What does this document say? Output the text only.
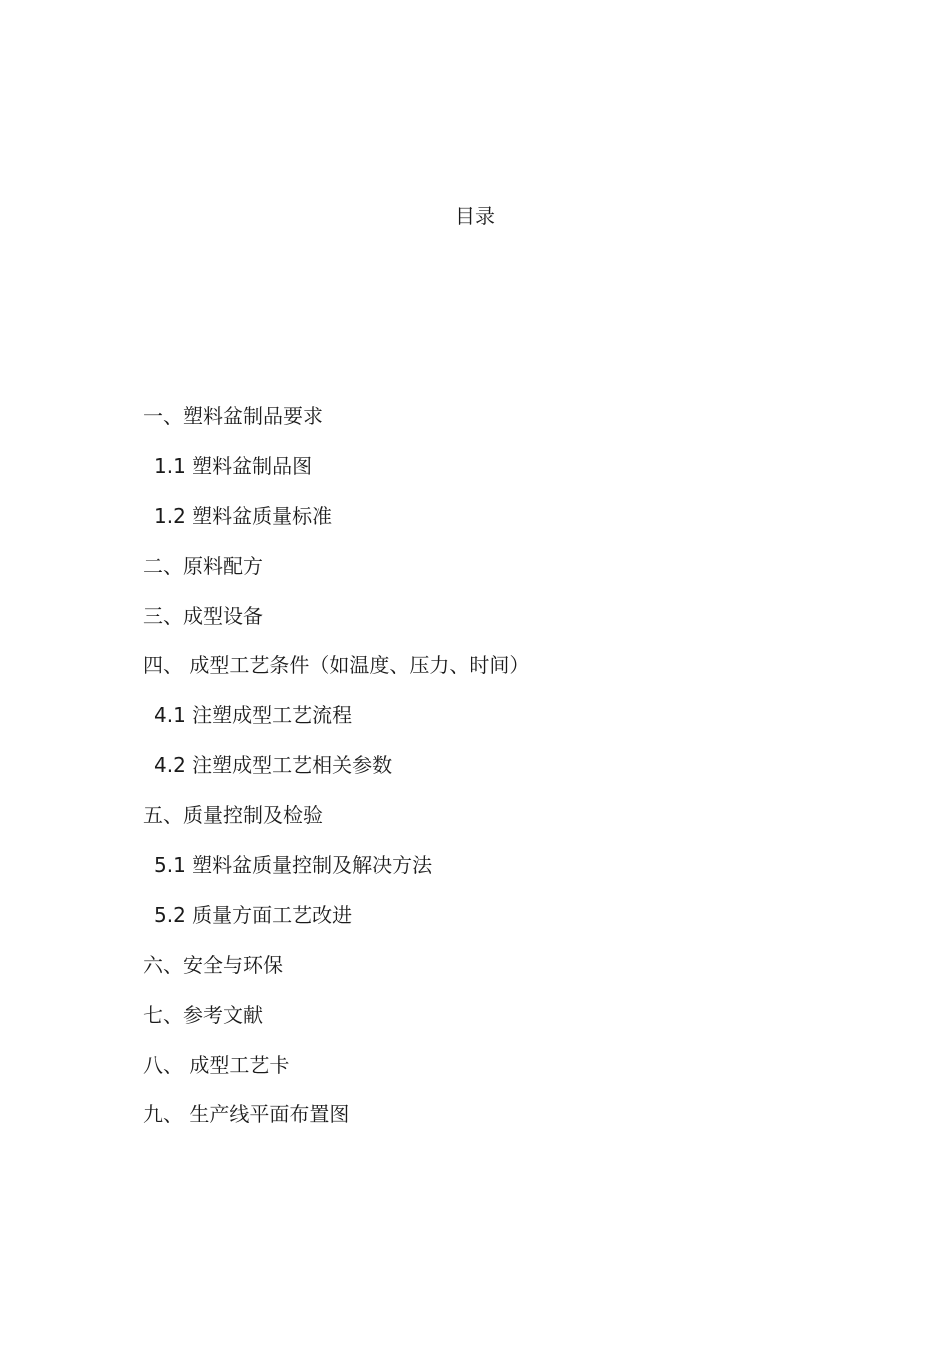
目录
一、塑料盆制品要求
1.1 塑料盆制品图
1.2 塑料盆质量标准
二、原料配方
三、成型设备
四、 成型工艺条件（如温度、压力、时间）
4.1 注塑成型工艺流程
4.2 注塑成型工艺相关参数
五、质量控制及检验
5.1 塑料盆质量控制及解决方法
5.2 质量方面工艺改进
六、安全与环保
七、参考文献
八、 成型工艺卡
九、 生产线平面布置图
